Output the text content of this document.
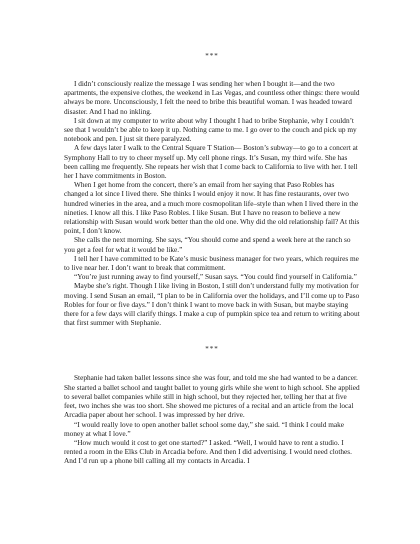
***

I didn’t consciously realize the message I was sending her when I bought it—and the two apartments, the expensive clothes, the weekend in Las Vegas, and countless other things: there would always be more. Unconsciously, I felt the need to bribe this beautiful woman. I was headed toward disaster. And I had no inkling.

I sit down at my computer to write about why I thought I had to bribe Stephanie, why I couldn’t see that I wouldn’t be able to keep it up. Nothing came to me. I go over to the couch and pick up my notebook and pen. I just sit there paralyzed.

A few days later I walk to the Central Square T Station— Boston’s subway—to go to a concert at Symphony Hall to try to cheer myself up. My cell phone rings. It’s Susan, my third wife. She has been calling me frequently. She repeats her wish that I come back to California to live with her. I tell her I have commitments in Boston.

When I get home from the concert, there’s an email from her saying that Paso Robles has changed a lot since I lived there. She thinks I would enjoy it now. It has fine restaurants, over two hundred wineries in the area, and a much more cosmopolitan life–style than when I lived there in the nineties. I know all this. I like Paso Robles. I like Susan. But I have no reason to believe a new relationship with Susan would work better than the old one. Why did the old relationship fail? At this point, I don’t know.

She calls the next morning. She says, “You should come and spend a week here at the ranch so you get a feel for what it would be like.”

I tell her I have committed to be Kate’s music business manager for two years, which requires me to live near her. I don’t want to break that commitment.

“You’re just running away to find yourself,” Susan says. “You could find yourself in California.”

Maybe she’s right. Though I like living in Boston, I still don’t understand fully my motivation for moving. I send Susan an email, “I plan to be in California over the holidays, and I’ll come up to Paso Robles for four or five days.” I don’t think I want to move back in with Susan, but maybe staying there for a few days will clarify things. I make a cup of pumpkin spice tea and return to writing about that first summer with Stephanie.

***

Stephanie had taken ballet lessons since she was four, and told me she had wanted to be a dancer. She started a ballet school and taught ballet to young girls while she went to high school. She applied to several ballet companies while still in high school, but they rejected her, telling her that at five feet, two inches she was too short. She showed me pictures of a recital and an article from the local Arcadia paper about her school. I was impressed by her drive.

“I would really love to open another ballet school some day,” she said. “I think I could make money at what I love.”

“How much would it cost to get one started?” I asked. “Well, I would have to rent a studio. I rented a room in the Elks Club in Arcadia before. And then I did advertising. I would need clothes. And I’d run up a phone bill calling all my contacts in Arcadia. I
